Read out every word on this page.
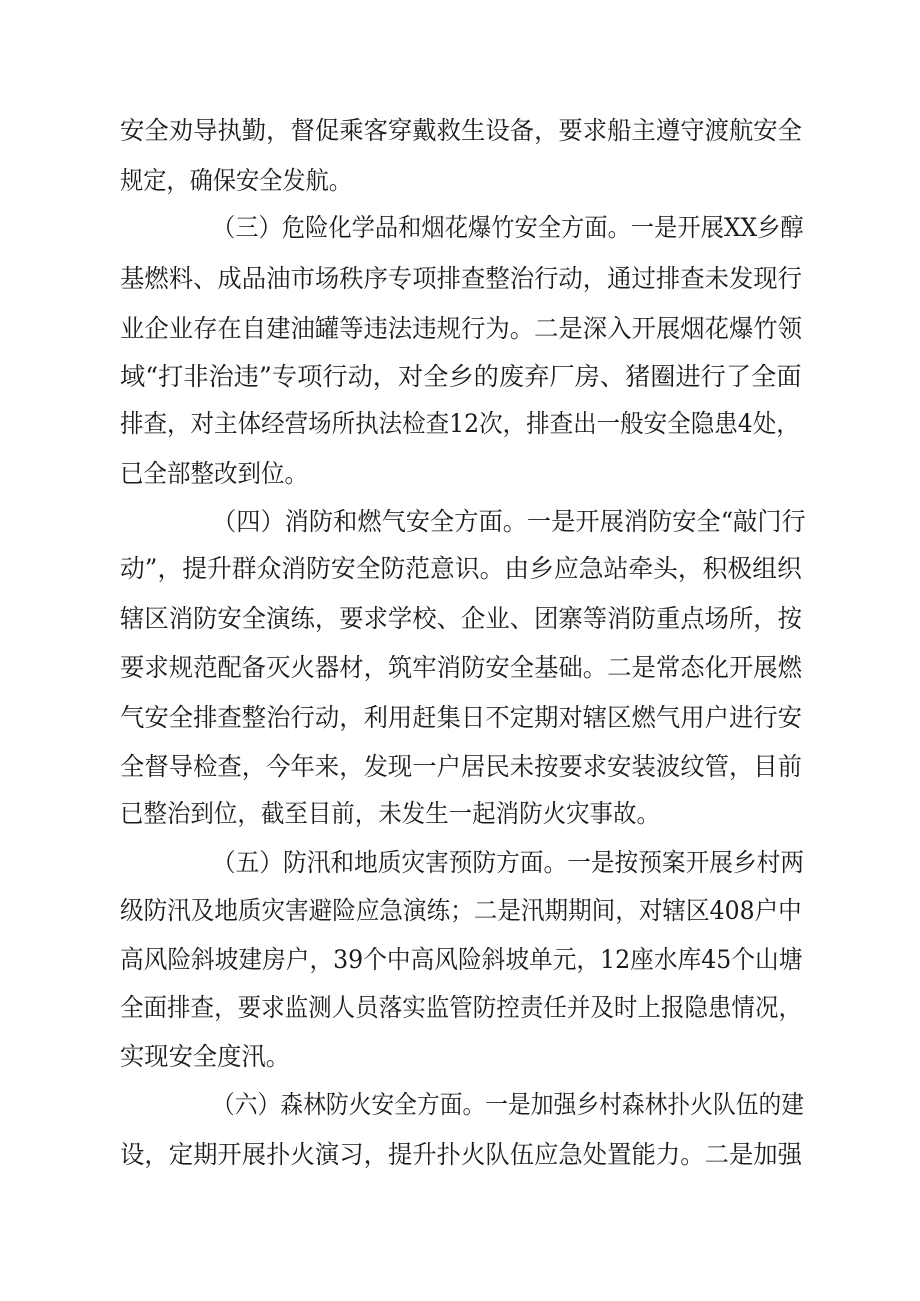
安全劝导执勤，督促乘客穿戴救生设备，要求船主遵守渡航安全

规定，确保安全发航。

（三）危险化学品和烟花爆竹安全方面。一是开展XX乡醇

基燃料、成品油市场秩序专项排查整治行动，通过排查未发现行

业企业存在自建油罐等违法违规行为。二是深入开展烟花爆竹领

域“打非治违”专项行动，对全乡的废弃厂房、猪圈进行了全面

排查，对主体经营场所执法检查12次，排查出一般安全隐患4处，

已全部整改到位。

（四）消防和燃气安全方面。一是开展消防安全“敲门行

动”，提升群众消防安全防范意识。由乡应急站牵头，积极组织

辖区消防安全演练，要求学校、企业、团寨等消防重点场所，按

要求规范配备灭火器材，筑牢消防安全基础。二是常态化开展燃

气安全排查整治行动，利用赶集日不定期对辖区燃气用户进行安

全督导检查，今年来，发现一户居民未按要求安装波纹管，目前

已整治到位，截至目前，未发生一起消防火灾事故。

（五）防汛和地质灾害预防方面。一是按预案开展乡村两

级防汛及地质灾害避险应急演练；二是汛期期间，对辖区408户中

高风险斜坡建房户，39个中高风险斜坡单元，12座水库45个山塘

全面排查，要求监测人员落实监管防控责任并及时上报隐患情况，

实现安全度汛。

（六）森林防火安全方面。一是加强乡村森林扑火队伍的建

设，定期开展扑火演习，提升扑火队伍应急处置能力。二是加强
